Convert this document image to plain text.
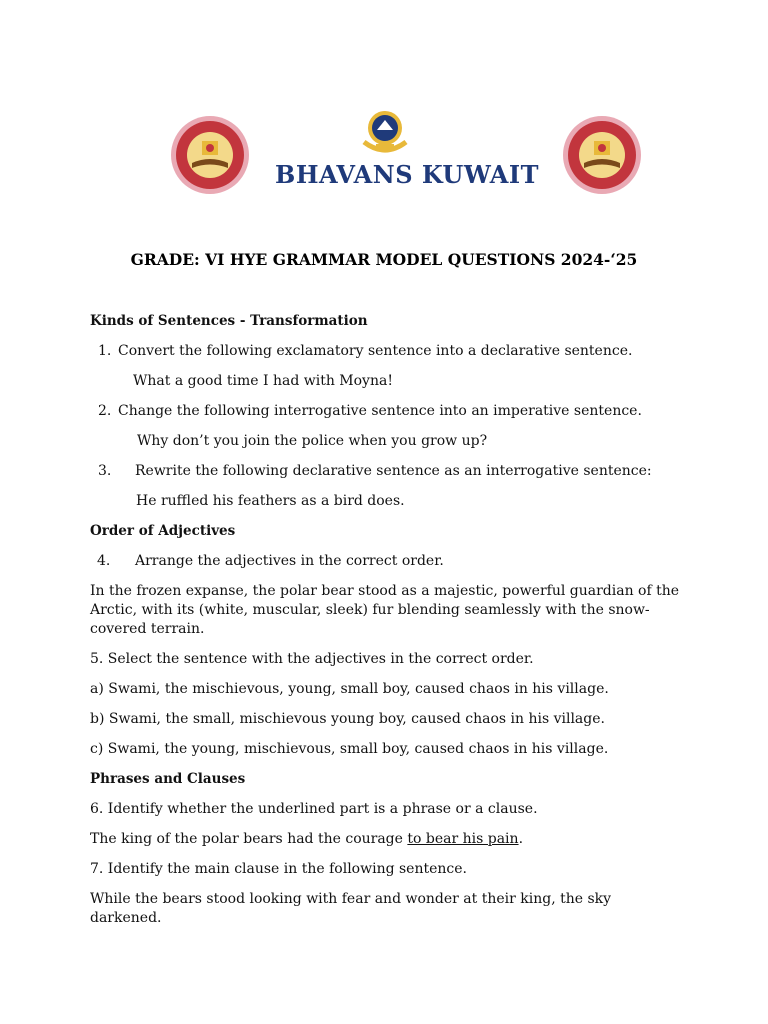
BHAVANS KUWAIT
GRADE: VI HYE GRAMMAR MODEL QUESTIONS 2024-‘25
Kinds of Sentences - Transformation
1. Convert the following exclamatory sentence into a declarative sentence.
What a good time I had with Moyna!
2. Change the following interrogative sentence into an imperative sentence.
Why don’t you join the police when you grow up?
3.	Rewrite the following declarative sentence as an interrogative sentence:
He ruffled his feathers as a bird does.
Order of Adjectives
4.	Arrange the adjectives in the correct order.
In the frozen expanse, the polar bear stood as a majestic, powerful guardian of the Arctic, with its (white, muscular, sleek) fur blending seamlessly with the snow-covered terrain.
5. Select the sentence with the adjectives in the correct order.
a) Swami, the mischievous, young, small boy, caused chaos in his village.
b) Swami, the small, mischievous young boy, caused chaos in his village.
c) Swami, the young, mischievous, small boy, caused chaos in his village.
Phrases and Clauses
6. Identify whether the underlined part is a phrase or a clause.
The king of the polar bears had the courage to bear his pain.
7. Identify the main clause in the following sentence.
While the bears stood looking with fear and wonder at their king, the sky darkened.
